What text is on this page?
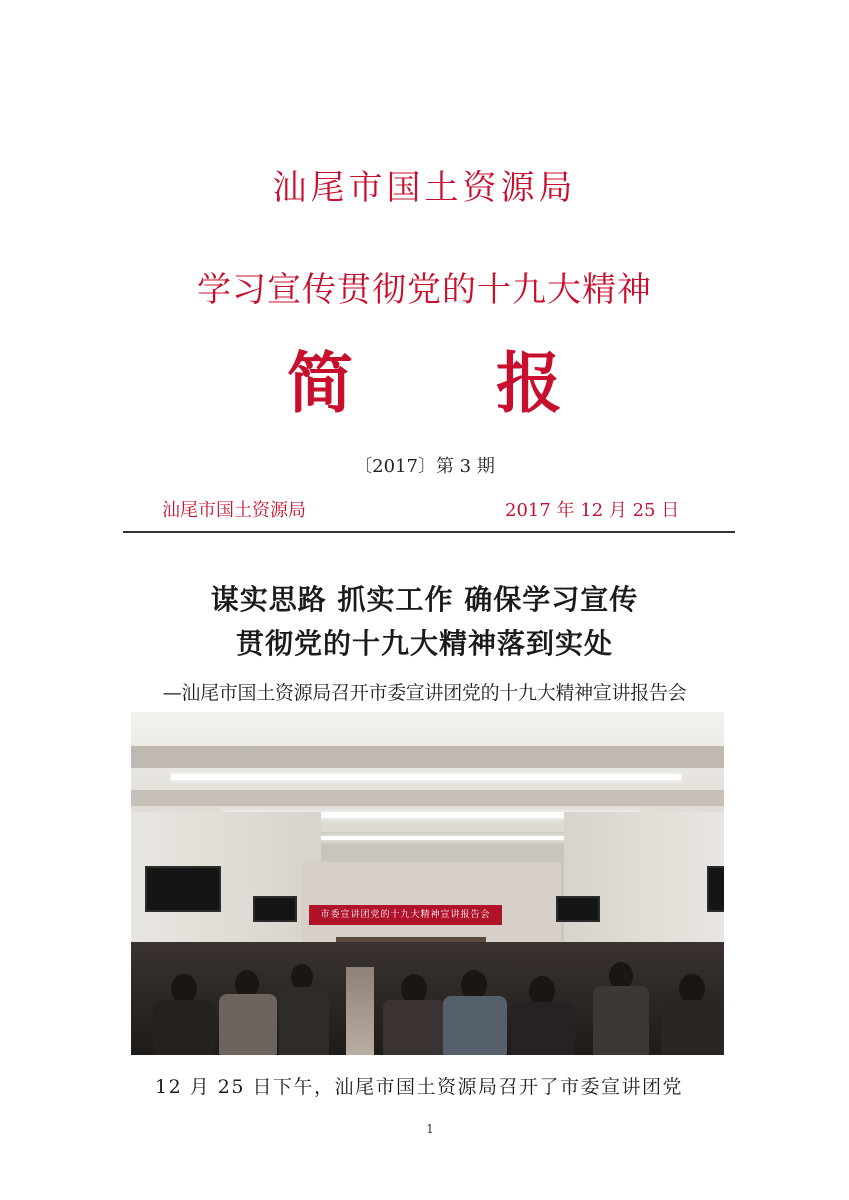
汕尾市国土资源局
学习宣传贯彻党的十九大精神
简 报
〔2017〕第 3 期
汕尾市国土资源局	2017 年 12 月 25 日
谋实思路 抓实工作 确保学习宣传
贯彻党的十九大精神落到实处
—汕尾市国土资源局召开市委宣讲团党的十九大精神宣讲报告会
市委宣讲团党的十九大精神宣讲报告会
12 月 25 日下午，汕尾市国土资源局召开了市委宣讲团党
1
